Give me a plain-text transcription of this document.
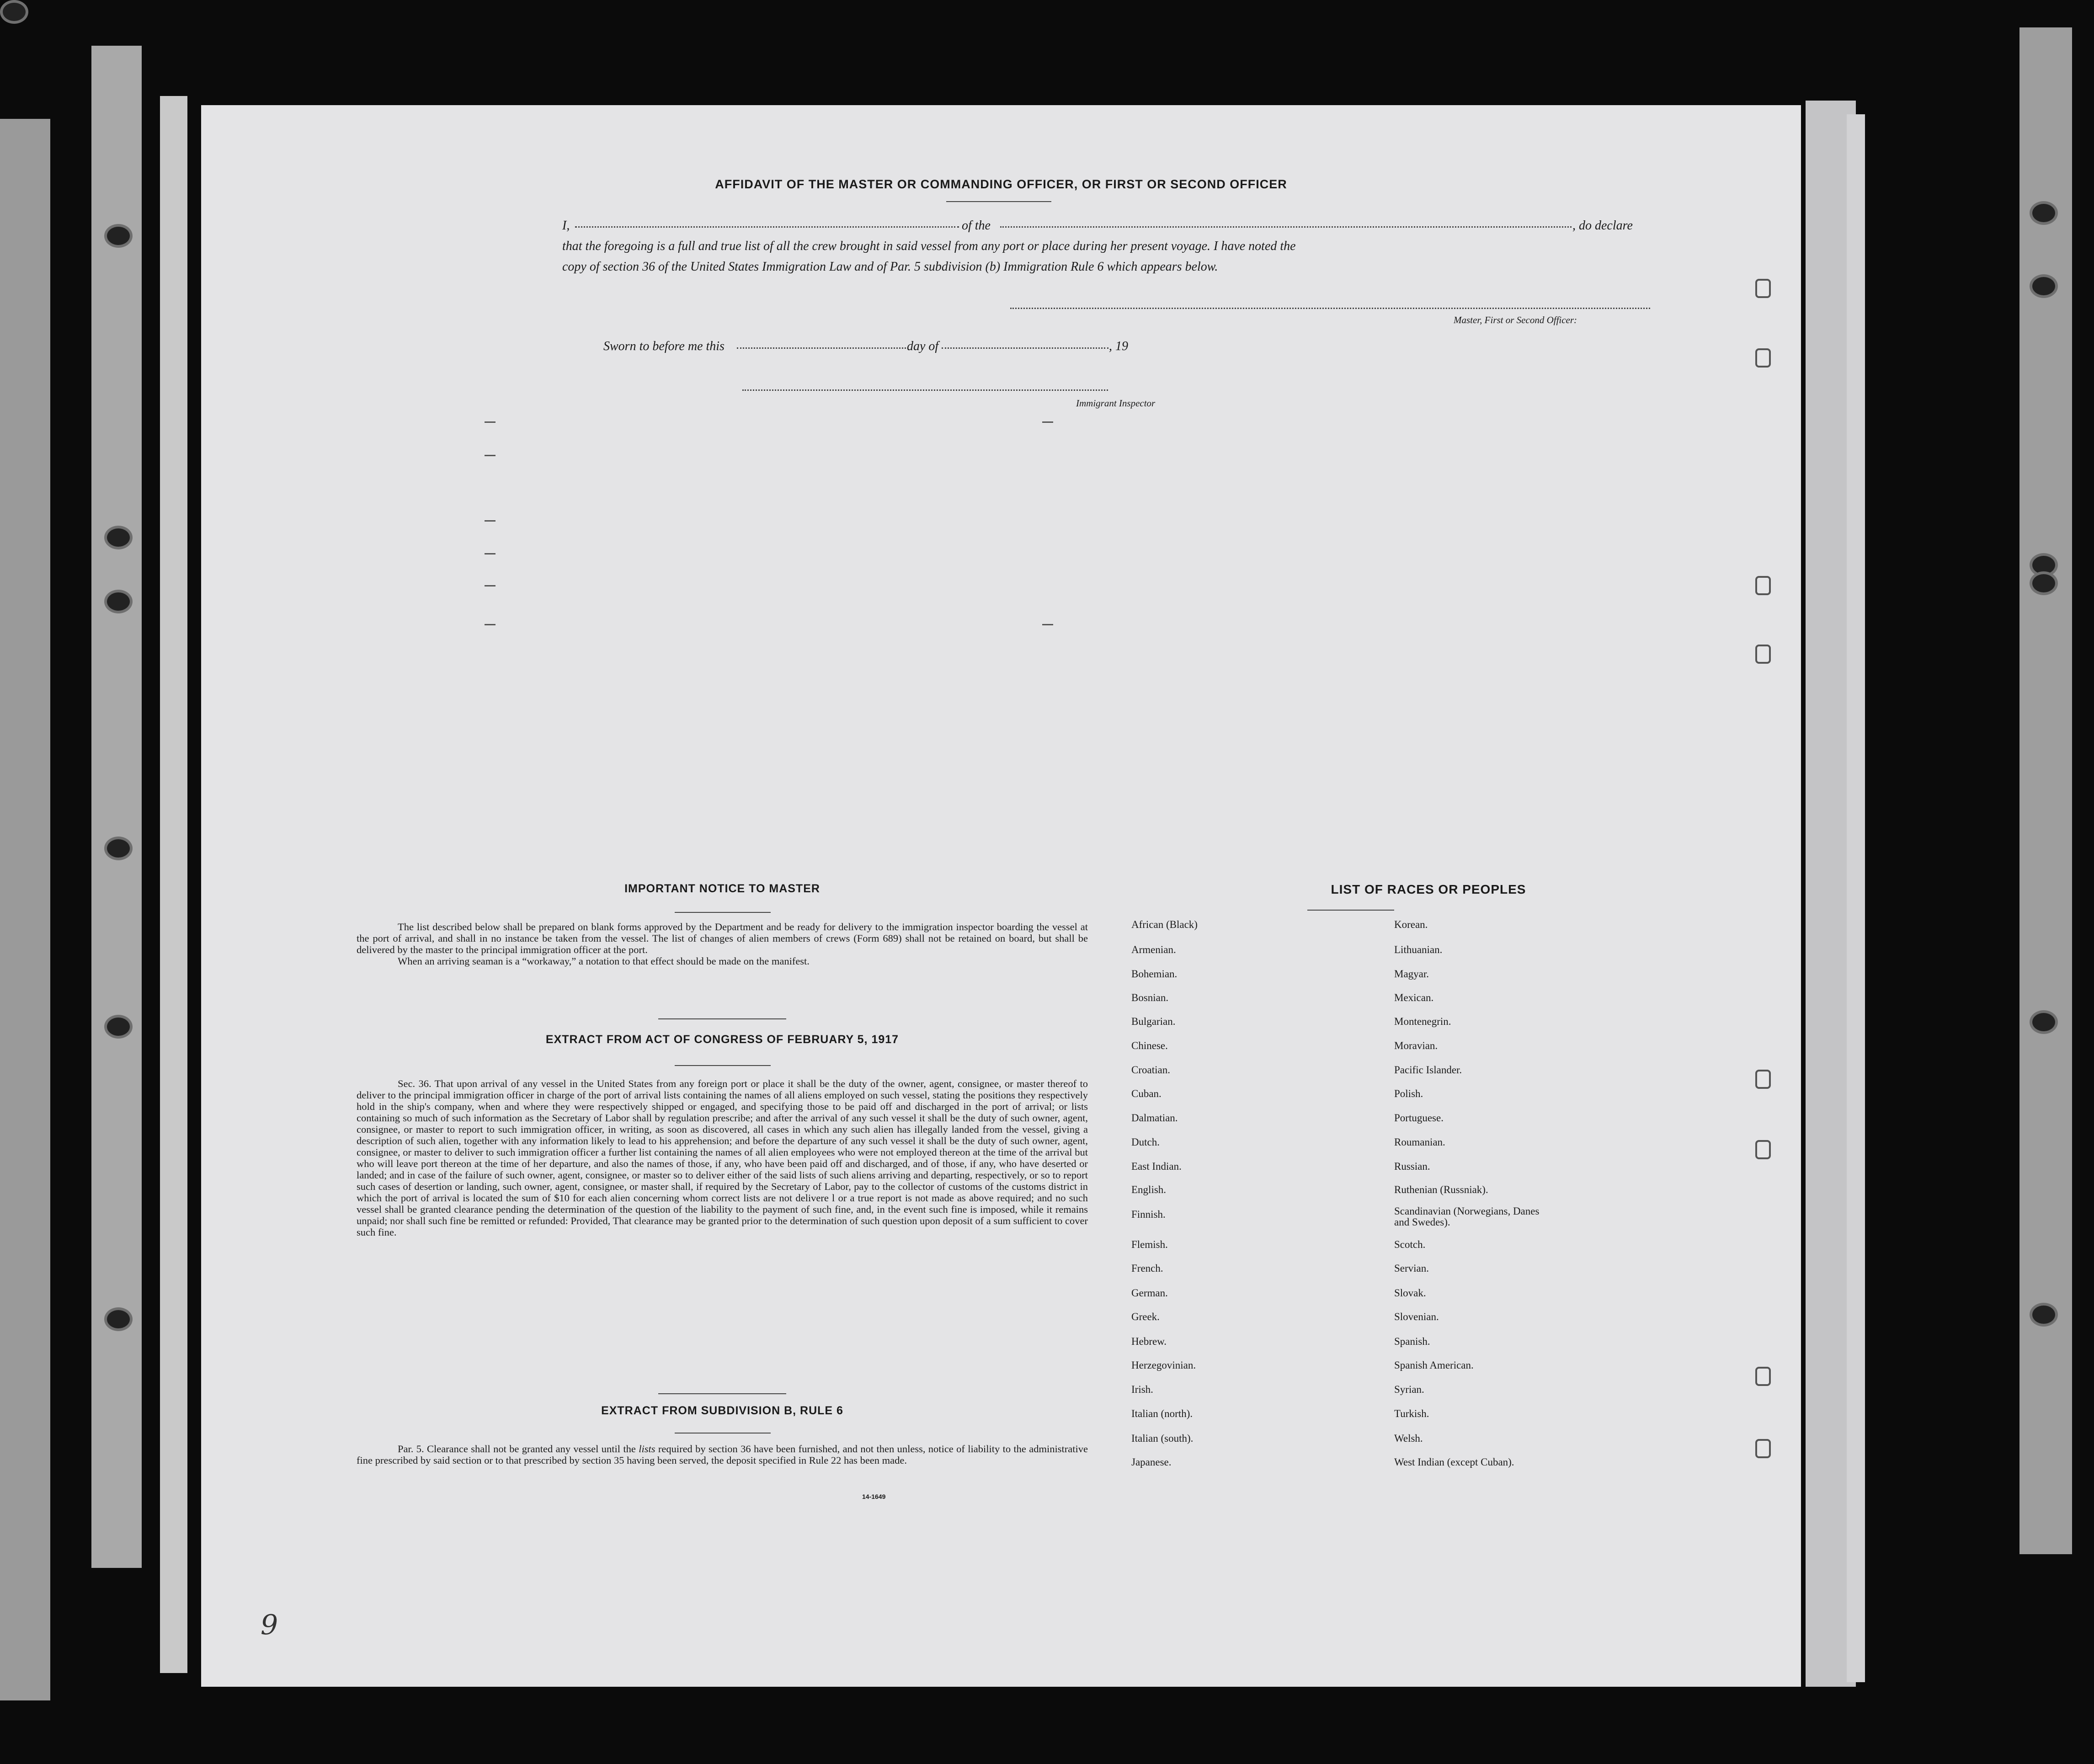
AFFIDAVIT OF THE MASTER OR COMMANDING OFFICER, OR FIRST OR SECOND OFFICER
I,	of the	, do declare
that the foregoing is a full and true list of all the crew brought in said vessel from any port or place during her present voyage. I have noted the
copy of section 36 of the United States Immigration Law and of Par. 5 subdivision (b) Immigration Rule 6 which appears below.
Master, First or Second Officer:
Sworn to before me this	day of	, 19
Immigrant Inspector
IMPORTANT NOTICE TO MASTER

The list described below shall be prepared on blank forms approved by the Department and be ready for delivery to the immigration inspector boarding the vessel at the port of arrival, and shall in no instance be taken from the vessel. The list of changes of alien members of crews (Form 689) shall not be retained on board, but shall be delivered by the master to the principal immigration officer at the port.

When an arriving seaman is a “workaway,” a notation to that effect should be made on the manifest.

EXTRACT FROM ACT OF CONGRESS OF FEBRUARY 5, 1917

Sec. 36. That upon arrival of any vessel in the United States from any foreign port or place it shall be the duty of the owner, agent, consignee, or master thereof to deliver to the principal immigration officer in charge of the port of arrival lists containing the names of all aliens employed on such vessel, stating the positions they respectively hold in the ship's company, when and where they were respectively shipped or engaged, and specifying those to be paid off and discharged in the port of arrival; or lists containing so much of such information as the Secretary of Labor shall by regulation prescribe; and after the arrival of any such vessel it shall be the duty of such owner, agent, consignee, or master to report to such immigration officer, in writing, as soon as discovered, all cases in which any such alien has illegally landed from the vessel, giving a description of such alien, together with any information likely to lead to his apprehension; and before the departure of any such vessel it shall be the duty of such owner, agent, consignee, or master to deliver to such immigration officer a further list containing the names of all alien employees who were not employed thereon at the time of the arrival but who will leave port thereon at the time of her departure, and also the names of those, if any, who have been paid off and discharged, and of those, if any, who have deserted or landed; and in case of the failure of such owner, agent, consignee, or master so to deliver either of the said lists of such aliens arriving and departing, respectively, or so to report such cases of desertion or landing, such owner, agent, consignee, or master shall, if required by the Secretary of Labor, pay to the collector of customs of the customs district in which the port of arrival is located the sum of $10 for each alien concerning whom correct lists are not delivere l or a true report is not made as above required; and no such vessel shall be granted clearance pending the determination of the question of the liability to the payment of such fine, and, in the event such fine is imposed, while it remains unpaid; nor shall such fine be remitted or refunded: Provided, That clearance may be granted prior to the determination of such question upon deposit of a sum sufficient to cover such fine.

EXTRACT FROM SUBDIVISION B, RULE 6

Par. 5. Clearance shall not be granted any vessel until the lists required by section 36 have been furnished, and not then unless, notice of liability to the administrative fine prescribed by said section or to that prescribed by section 35 having been served, the deposit specified in Rule 22 has been made.

14-1649
LIST OF RACES OR PEOPLES
African (Black)
Armenian.
Bohemian.
Bosnian.
Bulgarian.
Chinese.
Croatian.
Cuban.
Dalmatian.
Dutch.
East Indian.
English.
Finnish.
Flemish.
French.
German.
Greek.
Hebrew.
Herzegovinian.
Irish.
Italian (north).
Italian (south).
Japanese.
Korean.
Lithuanian.
Magyar.
Mexican.
Montenegrin.
Moravian.
Pacific Islander.
Polish.
Portuguese.
Roumanian.
Russian.
Ruthenian (Russniak).
Scandinavian (Norwegians, Danes and Swedes).
Scotch.
Servian.
Slovak.
Slovenian.
Spanish.
Spanish American.
Syrian.
Turkish.
Welsh.
West Indian (except Cuban).
9
